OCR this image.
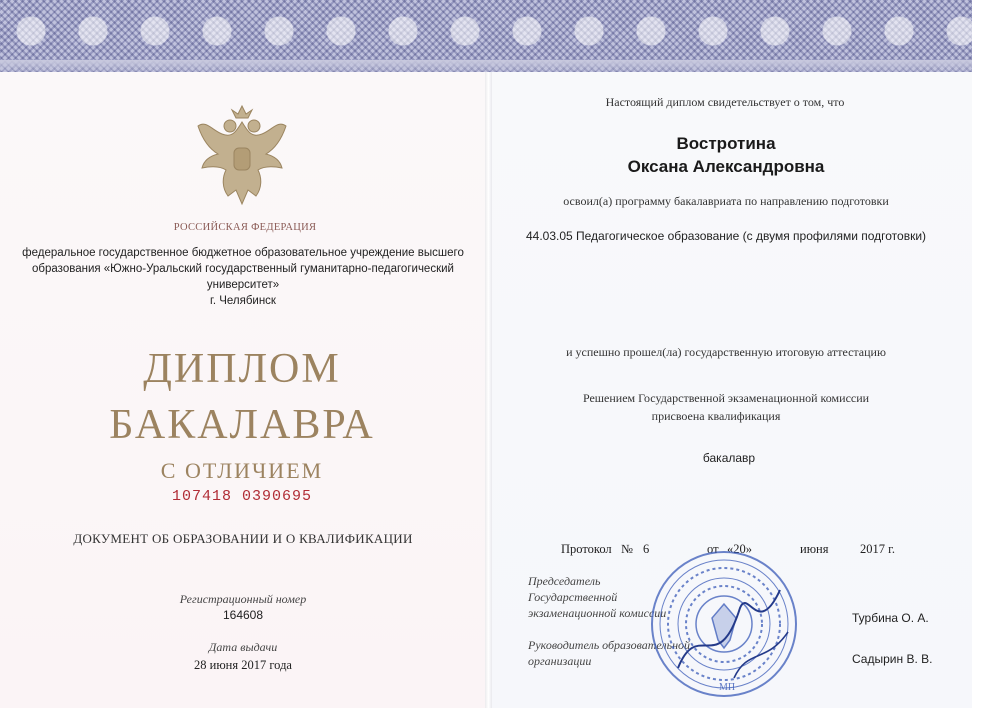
РОССИЙСКАЯ ФЕДЕРАЦИЯ
федеральное государственное бюджетное образовательное учреждение высшего
образования «Южно-Уральский государственный гуманитарно-педагогический
университет»
г. Челябинск
ДИПЛОМ
БАКАЛАВРА
С ОТЛИЧИЕМ
107418 0390695
ДОКУМЕНТ ОБ ОБРАЗОВАНИИ И О КВАЛИФИКАЦИИ
Регистрационный номер
164608
Дата выдачи
28 июня 2017 года
Настоящий диплом свидетельствует о том, что
Востротина
Оксана Александровна
освоил(а) программу бакалавриата по направлению подготовки
44.03.05 Педагогическое образование (с двумя профилями подготовки)
и успешно прошел(ла) государственную итоговую аттестацию
Решением Государственной экзаменационной комиссии
присвоена квалификация
бакалавр
Протокол № 6	от «20»	июня	2017 г.
Председатель
Государственной
экзаменационной комиссии	Турбина О. А.
Руководитель образовательной
организации	Садырин В. В.
МП
